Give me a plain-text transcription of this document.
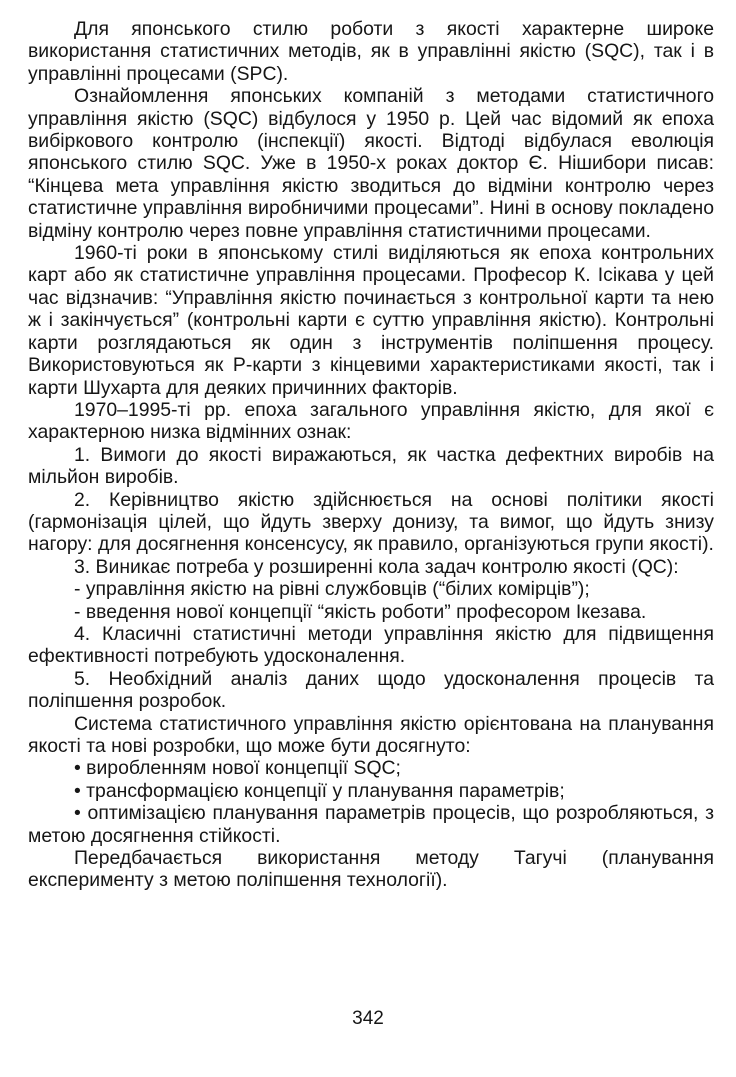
Для японського стилю роботи з якості характерне широке використання статистичних методів, як в управлінні якістю (SQC), так і в управлінні процесами (SPC).

Ознайомлення японських компаній з методами статистичного управління якістю (SQC) відбулося у 1950 р. Цей час відомий як епоха вибіркового контролю (інспекції) якості. Відтоді відбулася еволюція японського стилю SQC. Уже в 1950-х роках доктор Є. Нішибори писав: “Кінцева мета управління якістю зводиться до відміни контролю через статистичне управління виробничими процесами”. Нині в основу покладено відміну контролю через повне управління статистичними процесами.

1960-ті роки в японському стилі виділяються як епоха контрольних карт або як статистичне управління процесами. Професор К. Ісікава у цей час відзначив: “Управління якістю починається з контрольної карти та нею ж і закінчується” (контрольні карти є суттю управління якістю). Контрольні карти розглядаються як один з інструментів поліпшення процесу. Використовуються як Р-карти з кінцевими характеристиками якості, так і карти Шухарта для деяких причинних факторів.

1970–1995-ті рр. епоха загального управління якістю, для якої є характерною низка відмінних ознак:

1. Вимоги до якості виражаються, як частка дефектних виробів на мільйон виробів.

2. Керівництво якістю здійснюється на основі політики якості (гармонізація цілей, що йдуть зверху донизу, та вимог, що йдуть знизу нагору: для досягнення консенсусу, як правило, організуються групи якості).

3. Виникає потреба у розширенні кола задач контролю якості (QC):

- управління якістю на рівні службовців (“білих комірців”);

- введення нової концепції “якість роботи” професором Ікезава.

4. Класичні статистичні методи управління якістю для підвищення ефективності потребують удосконалення.

5. Необхідний аналіз даних щодо удосконалення процесів та поліпшення розробок.

Система статистичного управління якістю орієнтована на планування якості та нові розробки, що може бути досягнуто:

• виробленням нової концепції SQC;

• трансформацією концепції у планування параметрів;

• оптимізацією планування параметрів процесів, що розробляються, з метою досягнення стійкості.

Передбачається використання методу Тагучі (планування експерименту з метою поліпшення технології).

342
